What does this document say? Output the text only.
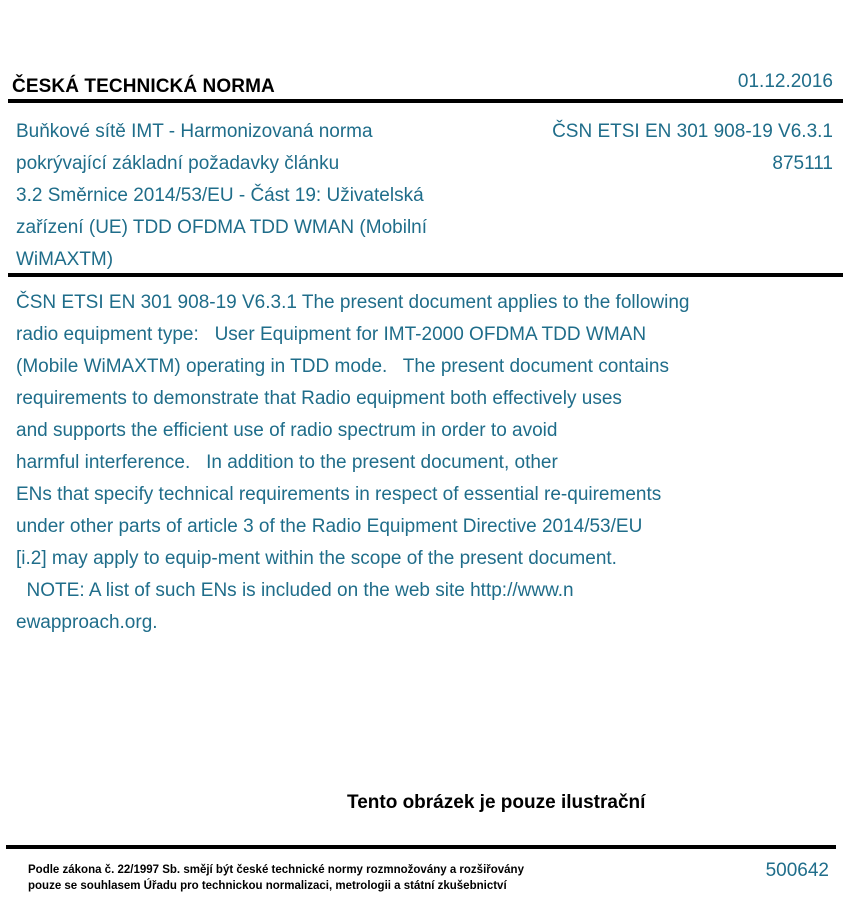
ČESKÁ TECHNICKÁ NORMA	01.12.2016
Buňkové sítě IMT - Harmonizovaná norma
pokrývající základní požadavky článku
3.2 Směrnice 2014/53/EU - Část 19: Uživatelská
zařízení (UE) TDD OFDMA TDD WMAN (Mobilní
WiMAXTM)
ČSN ETSI EN 301 908-19 V6.3.1
875111
ČSN ETSI EN 301 908-19 V6.3.1 The present document applies to the following
radio equipment type:   User Equipment for IMT-2000 OFDMA TDD WMAN
(Mobile WiMAXTM) operating in TDD mode.   The present document contains
requirements to demonstrate that Radio equipment both effectively uses
and supports the efficient use of radio spectrum in order to avoid
harmful interference.   In addition to the present document, other
ENs that specify technical requirements in respect of essential re-quirements
under other parts of article 3 of the Radio Equipment Directive 2014/53/EU
[i.2] may apply to equip-ment within the scope of the present document.
NOTE: A list of such ENs is included on the web site http://www.n
ewapproach.org.
Tento obrázek je pouze ilustrační
Podle zákona č. 22/1997 Sb. smějí být české technické normy rozmnožovány a rozšiřovány
pouze se souhlasem Úřadu pro technickou normalizaci, metrologii a státní zkušebnictví
500642
